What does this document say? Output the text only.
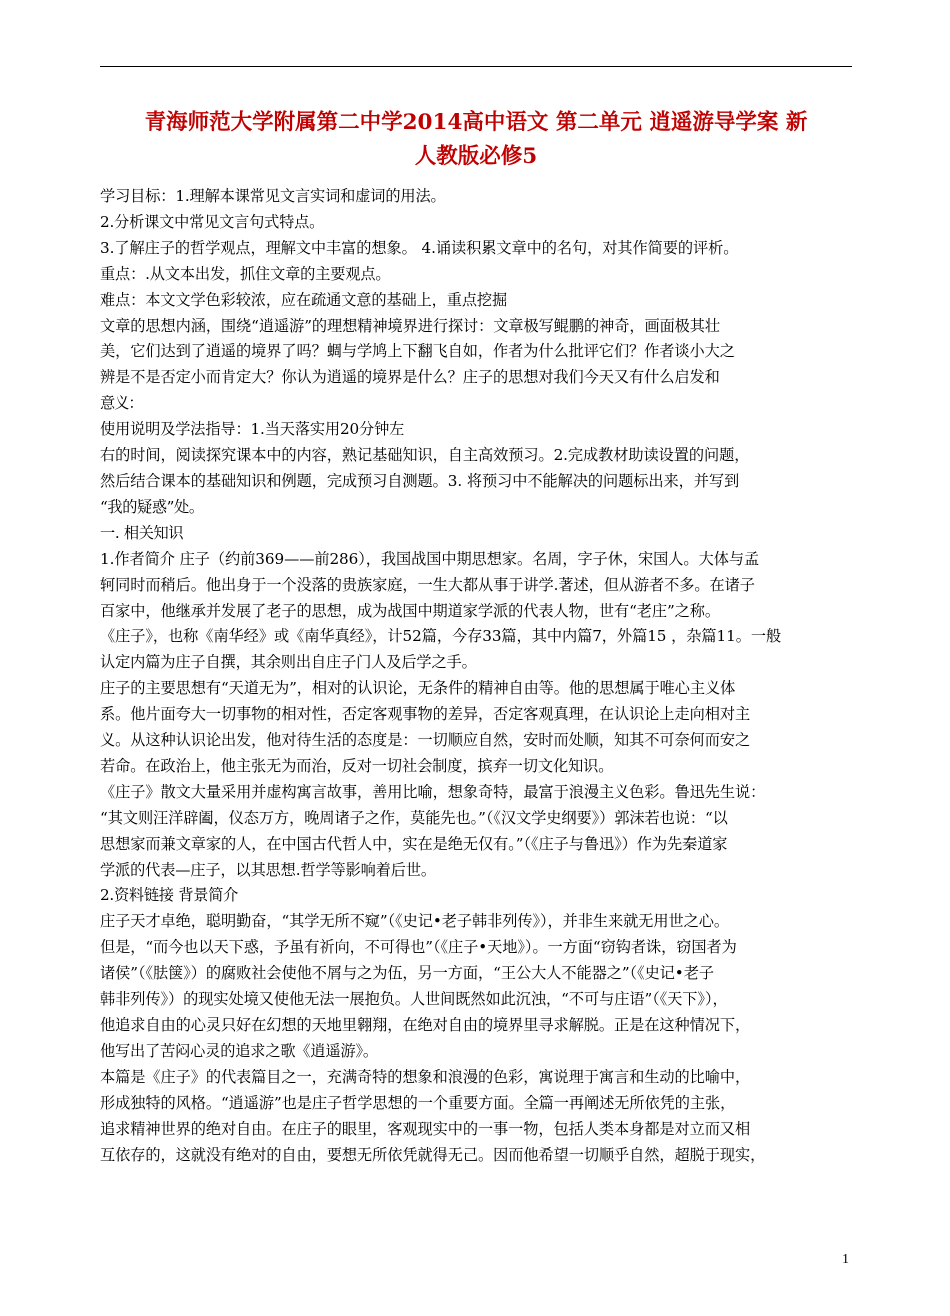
青海师范大学附属第二中学2014高中语文 第二单元 逍遥游导学案 新
人教版必修5

学习目标：1.理解本课常见文言实词和虚词的用法。

2.分析课文中常见文言句式特点。

3.了解庄子的哲学观点，理解文中丰富的想象。 4.诵读积累文章中的名句，对其作简要的评析。

重点：.从文本出发，抓住文章的主要观点。

难点：本文文学色彩较浓，应在疏通文意的基础上，重点挖掘

文章的思想内涵，围绕“逍遥游”的理想精神境界进行探讨：文章极写鲲鹏的神奇，画面极其壮

美，它们达到了逍遥的境界了吗？蜩与学鸠上下翻飞自如，作者为什么批评它们？作者谈小大之

辨是不是否定小而肯定大？你认为逍遥的境界是什么？庄子的思想对我们今天又有什么启发和

意义：

使用说明及学法指导：1.当天落实用20分钟左

右的时间，阅读探究课本中的内容，熟记基础知识，自主高效预习。2.完成教材助读设置的问题，

然后结合课本的基础知识和例题，完成预习自测题。3. 将预习中不能解决的问题标出来，并写到

“我的疑惑”处。

一. 相关知识

1.作者简介 庄子（约前369——前286），我国战国中期思想家。名周，字子休，宋国人。大体与孟

轲同时而稍后。他出身于一个没落的贵族家庭，一生大都从事于讲学.著述，但从游者不多。在诸子

百家中，他继承并发展了老子的思想，成为战国中期道家学派的代表人物，世有“老庄”之称。

《庄子》，也称《南华经》或《南华真经》，计52篇，今存33篇，其中内篇7，外篇15 ，杂篇11。一般

认定内篇为庄子自撰，其余则出自庄子门人及后学之手。

庄子的主要思想有“天道无为”，相对的认识论，无条件的精神自由等。他的思想属于唯心主义体

系。他片面夸大一切事物的相对性，否定客观事物的差异，否定客观真理，在认识论上走向相对主

义。从这种认识论出发，他对待生活的态度是：一切顺应自然，安时而处顺，知其不可奈何而安之

若命。在政治上，他主张无为而治，反对一切社会制度，摈弃一切文化知识。

《庄子》散文大量采用并虚构寓言故事，善用比喻，想象奇特，最富于浪漫主义色彩。鲁迅先生说：

“其文则汪洋辟阖，仪态万方，晚周诸子之作，莫能先也。”（《汉文学史纲要》）郭沫若也说：“以

思想家而兼文章家的人，在中国古代哲人中，实在是绝无仅有。”（《庄子与鲁迅》）作为先秦道家

学派的代表—庄子，以其思想.哲学等影响着后世。

2.资料链接 背景简介

庄子天才卓绝，聪明勤奋，“其学无所不窥”（《史记•老子韩非列传》），并非生来就无用世之心。

但是，“而今也以天下惑，予虽有祈向，不可得也”（《庄子•天地》）。一方面“窃钩者诛，窃国者为

诸侯”（《胠箧》）的腐败社会使他不屑与之为伍，另一方面，“王公大人不能器之”（《史记•老子

韩非列传》）的现实处境又使他无法一展抱负。人世间既然如此沉浊，“不可与庄语”（《天下》），

他追求自由的心灵只好在幻想的天地里翱翔，在绝对自由的境界里寻求解脱。正是在这种情况下，

他写出了苦闷心灵的追求之歌《逍遥游》。

本篇是《庄子》的代表篇目之一，充满奇特的想象和浪漫的色彩，寓说理于寓言和生动的比喻中，

形成独特的风格。“逍遥游”也是庄子哲学思想的一个重要方面。全篇一再阐述无所依凭的主张，

追求精神世界的绝对自由。在庄子的眼里，客观现实中的一事一物，包括人类本身都是对立而又相

互依存的，这就没有绝对的自由，要想无所依凭就得无己。因而他希望一切顺乎自然，超脱于现实，

1
